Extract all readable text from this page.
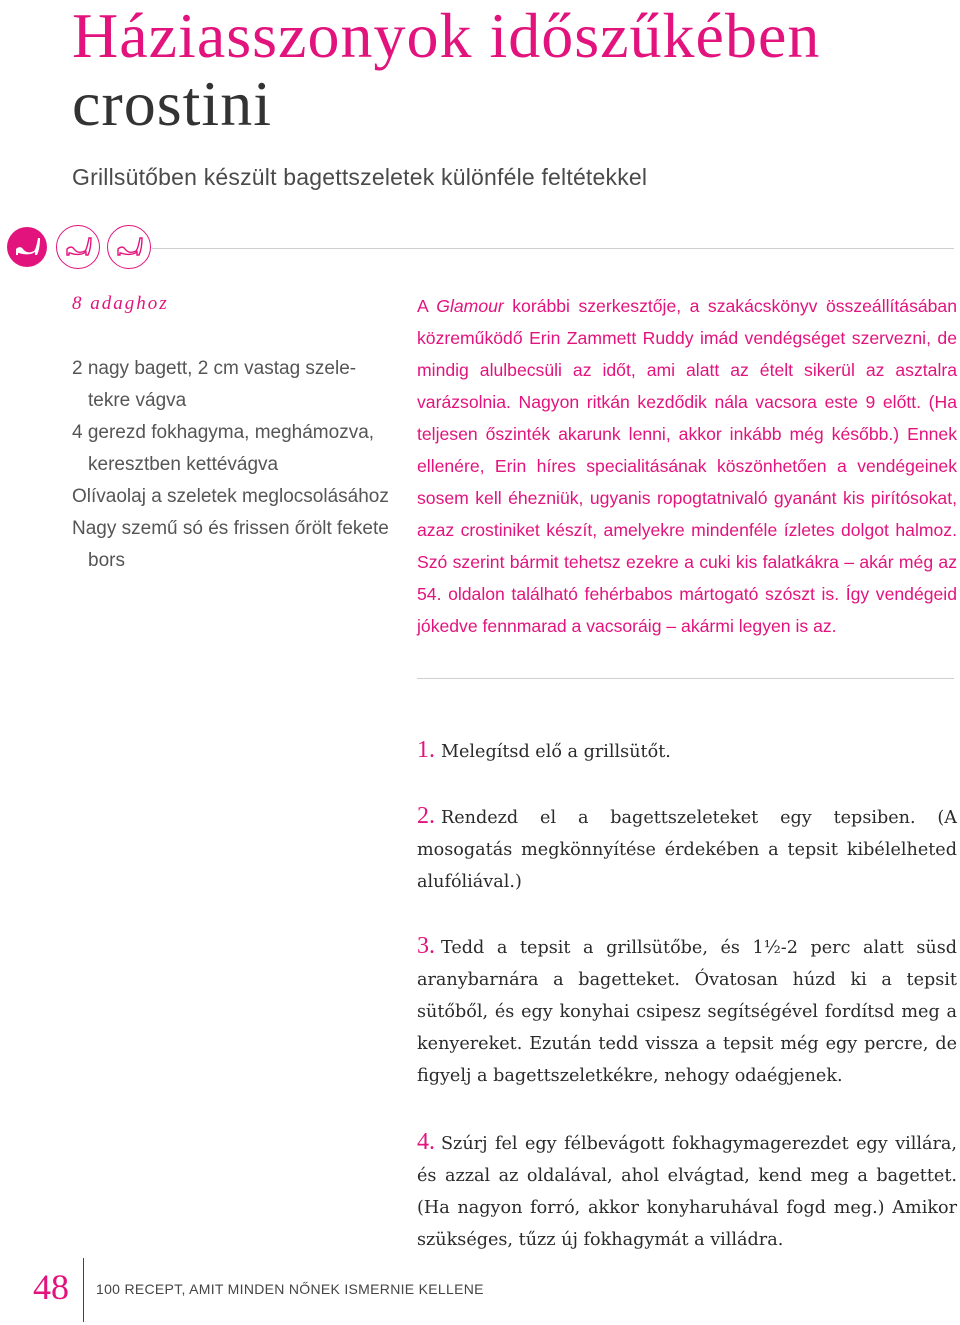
Háziasszonyok időszűkében
crostini
Grillsütőben készült bagettszeletek különféle feltétekkel
8 adaghoz
2 nagy bagett, 2 cm vastag szele- tekre vágva
4 gerezd fokhagyma, meghámozva, keresztben kettévágva
Olívaolaj a szeletek meglocsolásához
Nagy szemű só és frissen őrölt fekete bors

A Glamour korábbi szerkesztője, a szakácskönyv összeállításában közreműködő Erin Zammett Ruddy imád vendégséget szervezni, de mindig alulbecsüli az időt, ami alatt az ételt sikerül az asztalra varázsolnia. Nagyon ritkán kezdődik nála vacsora este 9 előtt. (Ha teljesen őszinték akarunk lenni, akkor inkább még később.) Ennek ellenére, Erin híres specialitásának köszönhetően a vendégeinek sosem kell éhezniük, ugyanis ropogtatnivaló gyanánt kis pirítósokat, azaz crostiniket készít, amelyekre mindenféle ízletes dolgot halmoz. Szó szerint bármit tehetsz ezekre a cuki kis falatkákra – akár még az 54. oldalon található fehérbabos mártogató szószt is. Így vendégeid jókedve fennmarad a vacsoráig – akármi legyen is az.

1. Melegítsd elő a grillsütőt.
2. Rendezd el a bagettszeleteket egy tepsiben. (A mosogatás megkönnyítése érdekében a tepsit kibélelheted alufóliával.)
3. Tedd a tepsit a grillsütőbe, és 1½-2 perc alatt süsd aranybarnára a bagetteket. Óvatosan húzd ki a tepsit sütőből, és egy konyhai csipesz segítségével fordítsd meg a kenyereket. Ezután tedd vissza a tepsit még egy percre, de figyelj a bagettszeletkékre, nehogy odaégjenek.
4. Szúrj fel egy félbevágott fokhagymagerezdet egy villára, és azzal az oldalával, ahol elvágtad, kend meg a bagettet. (Ha nagyon forró, akkor konyharuhával fogd meg.) Amikor szükséges, tűzz új fokhagymát a villádra.
48 100 RECEPT, AMIT MINDEN NŐNEK ISMERNIE KELLENE
